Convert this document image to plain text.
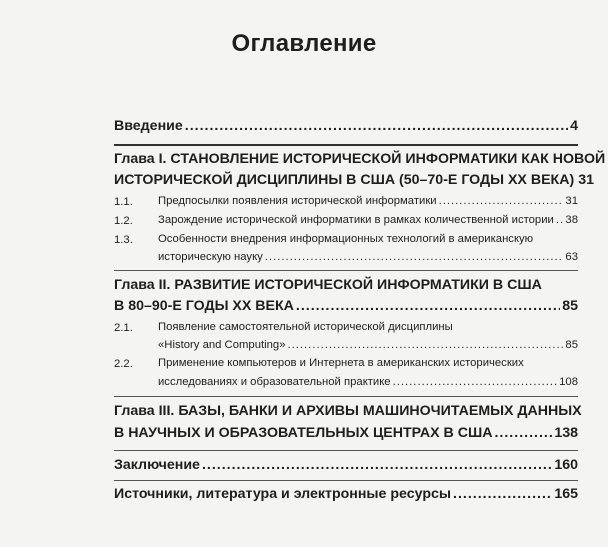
Оглавление
Введение .....	4
Глава I. СТАНОВЛЕНИЕ ИСТОРИЧЕСКОЙ ИНФОРМАТИКИ КАК НОВОЙ
ИСТОРИЧЕСКОЙ ДИСЦИПЛИНЫ В США (50–70-Е ГОДЫ XX ВЕКА) 31
1.1. Предпосылки появления исторической информатики .....	31
1.2. Зарождение исторической информатики в рамках количественной истории ..... 38
1.3. Особенности внедрения информационных технологий в американскую
историческую науку .....	63
Глава II. РАЗВИТИЕ ИСТОРИЧЕСКОЙ ИНФОРМАТИКИ В США
В 80–90-Е ГОДЫ XX ВЕКА .....	85
2.1. Появление самостоятельной исторической дисциплины
«History and Computing» .....	85
2.2. Применение компьютеров и Интернета в американских исторических
исследованиях и образовательной практике .....	108
Глава III. БАЗЫ, БАНКИ И АРХИВЫ МАШИНОЧИТАЕМЫХ ДАННЫХ
В НАУЧНЫХ И ОБРАЗОВАТЕЛЬНЫХ ЦЕНТРАХ В США .....	138
Заключение .....	160
Источники, литература и электронные ресурсы .....	165
